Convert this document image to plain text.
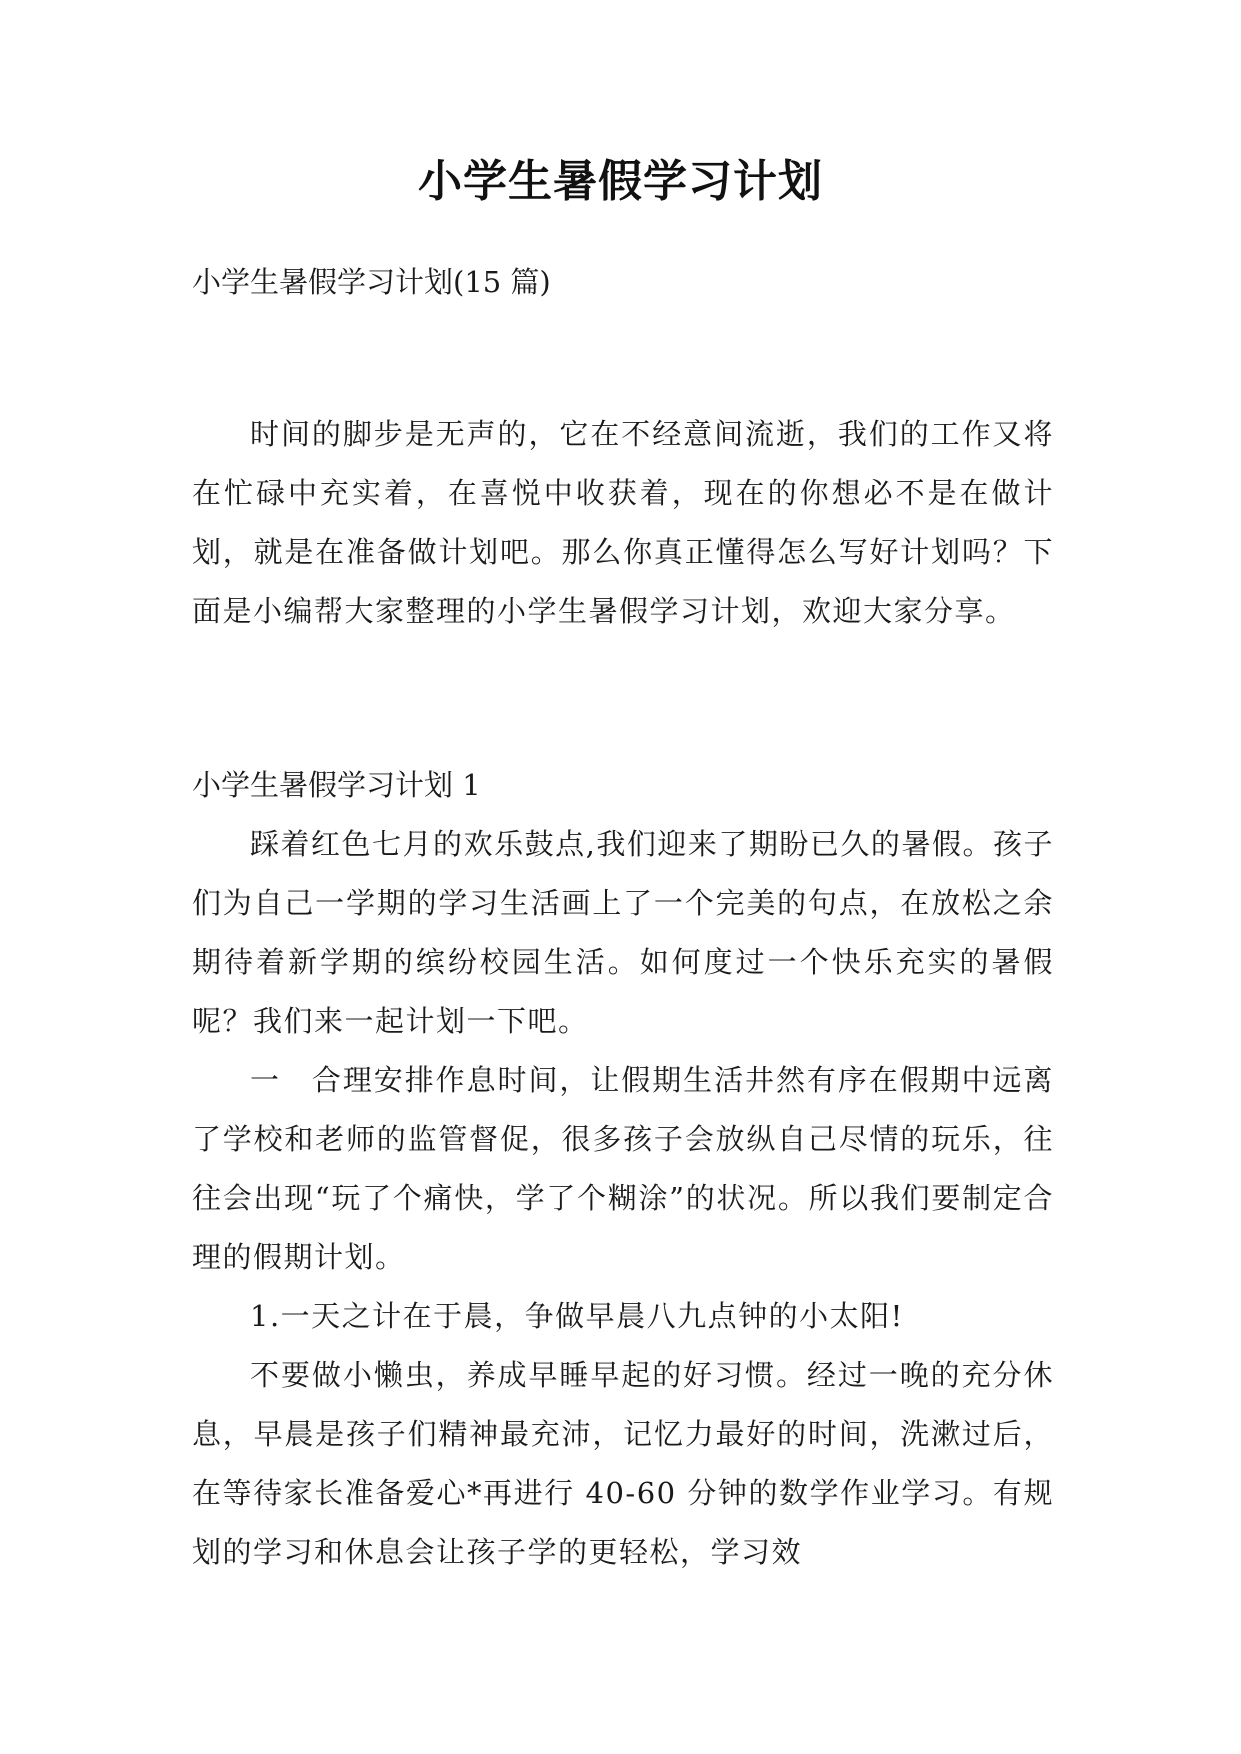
小学生暑假学习计划
小学生暑假学习计划(15 篇)

时间的脚步是无声的，它在不经意间流逝，我们的工作又将在忙碌中充实着，在喜悦中收获着，现在的你想必不是在做计划，就是在准备做计划吧。那么你真正懂得怎么写好计划吗？下面是小编帮大家整理的小学生暑假学习计划，欢迎大家分享。

小学生暑假学习计划 1

踩着红色七月的欢乐鼓点,我们迎来了期盼已久的暑假。孩子们为自己一学期的学习生活画上了一个完美的句点，在放松之余期待着新学期的缤纷校园生活。如何度过一个快乐充实的暑假呢？我们来一起计划一下吧。

一　合理安排作息时间，让假期生活井然有序在假期中远离了学校和老师的监管督促，很多孩子会放纵自己尽情的玩乐，往往会出现“玩了个痛快，学了个糊涂”的状况。所以我们要制定合理的假期计划。

1.一天之计在于晨，争做早晨八九点钟的小太阳!

不要做小懒虫，养成早睡早起的好习惯。经过一晚的充分休息，早晨是孩子们精神最充沛，记忆力最好的时间，洗漱过后，在等待家长准备爱心*再进行 40-60 分钟的数学作业学习。有规划的学习和休息会让孩子学的更轻松，学习效
